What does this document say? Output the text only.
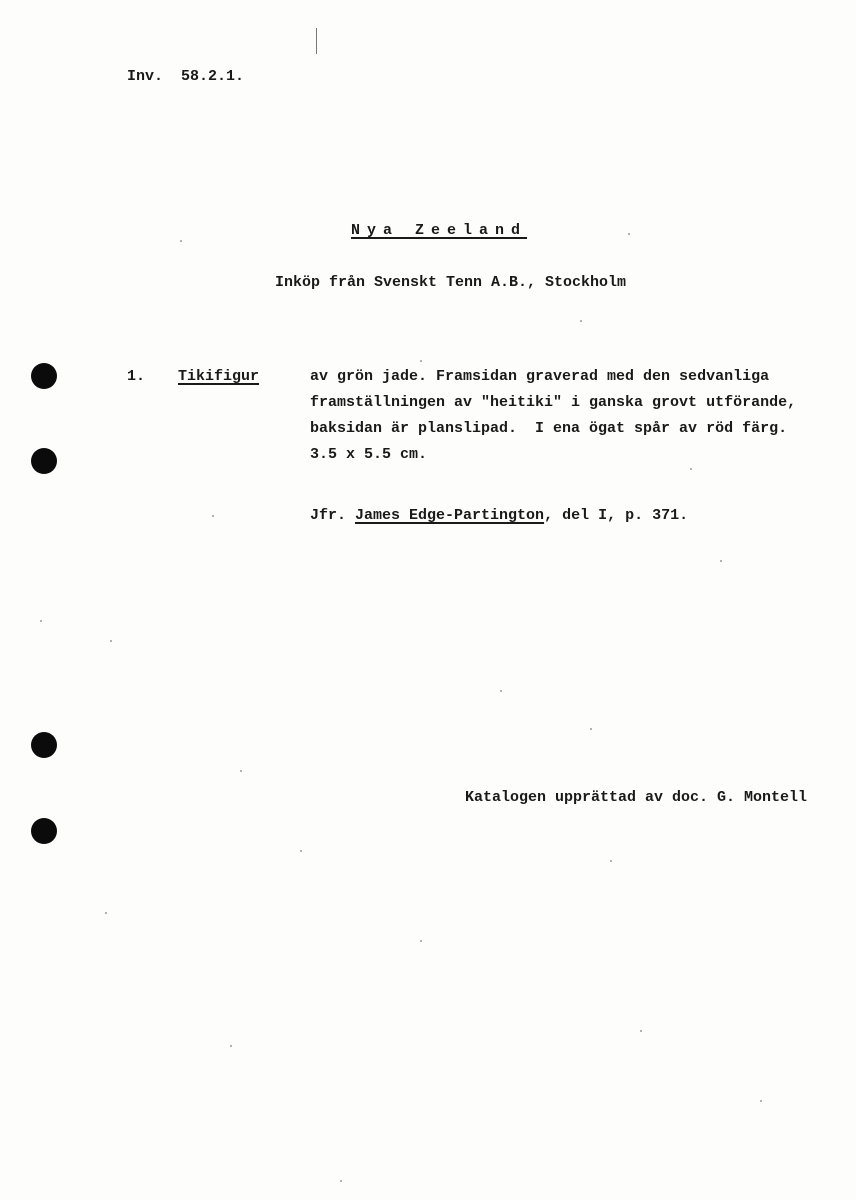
Inv.  58.2.1.
Nya Zeeland
Inköp från Svenskt Tenn A.B., Stockholm
1. Tikifigur	av grön jade. Framsidan graverad med den sedvanliga
framställningen av "heitiki" i ganska grovt utförande,
baksidan är planslipad.  I ena ögat spår av röd färg.
3.5 x 5.5 cm.
Jfr. James Edge-Partington, del I, p. 371.
Katalogen upprättad av doc. G. Montell
